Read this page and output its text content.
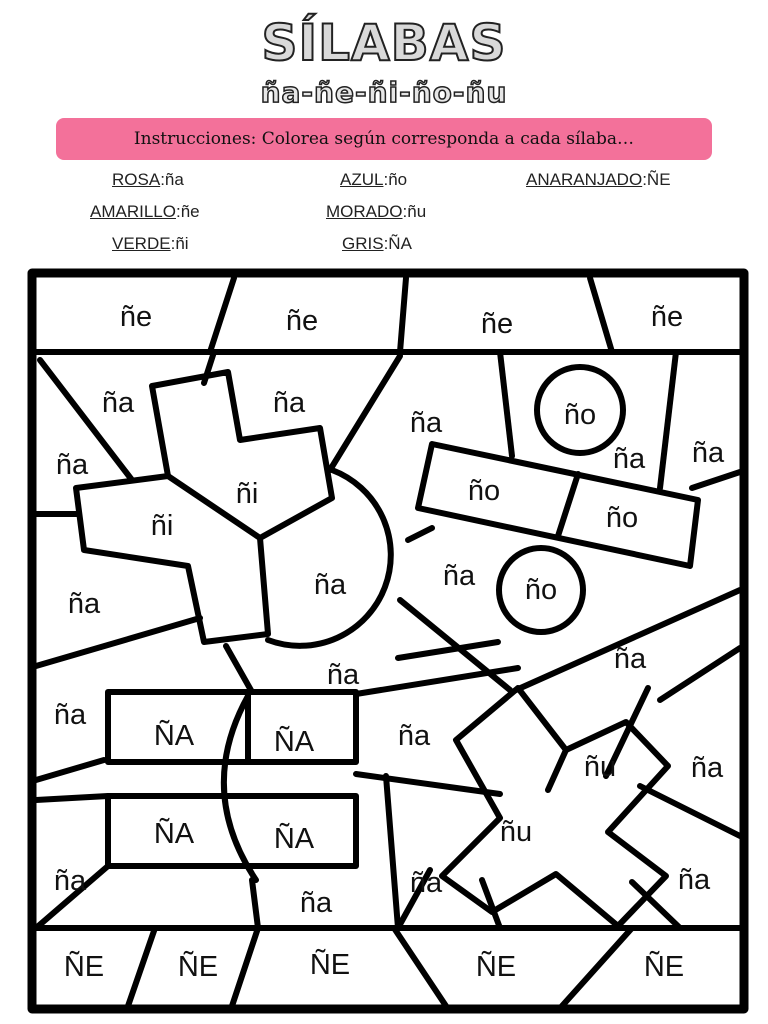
SÍLABAS
ña-ñe-ñi-ño-ñu
Instrucciones: Colorea según corresponda a cada sílaba…
ROSA:ña	AZUL:ño	ANARANJADO:ÑE
AMARILLO:ñe	MORADO:ñu
VERDE:ñi	GRIS:ÑA
ñe	ñe	ñe	ñe
ña	ña
ña
ña	ño
ña ña
ñi
ñi
ño
ño
ña
ña	ña ño
ña
ña
ña
ÑA	ÑA	ña
ñu	ña
ñu
ÑA	ÑA
ña	ña	ña
ña
ÑE	ÑE	ÑE	ÑE	ÑE
